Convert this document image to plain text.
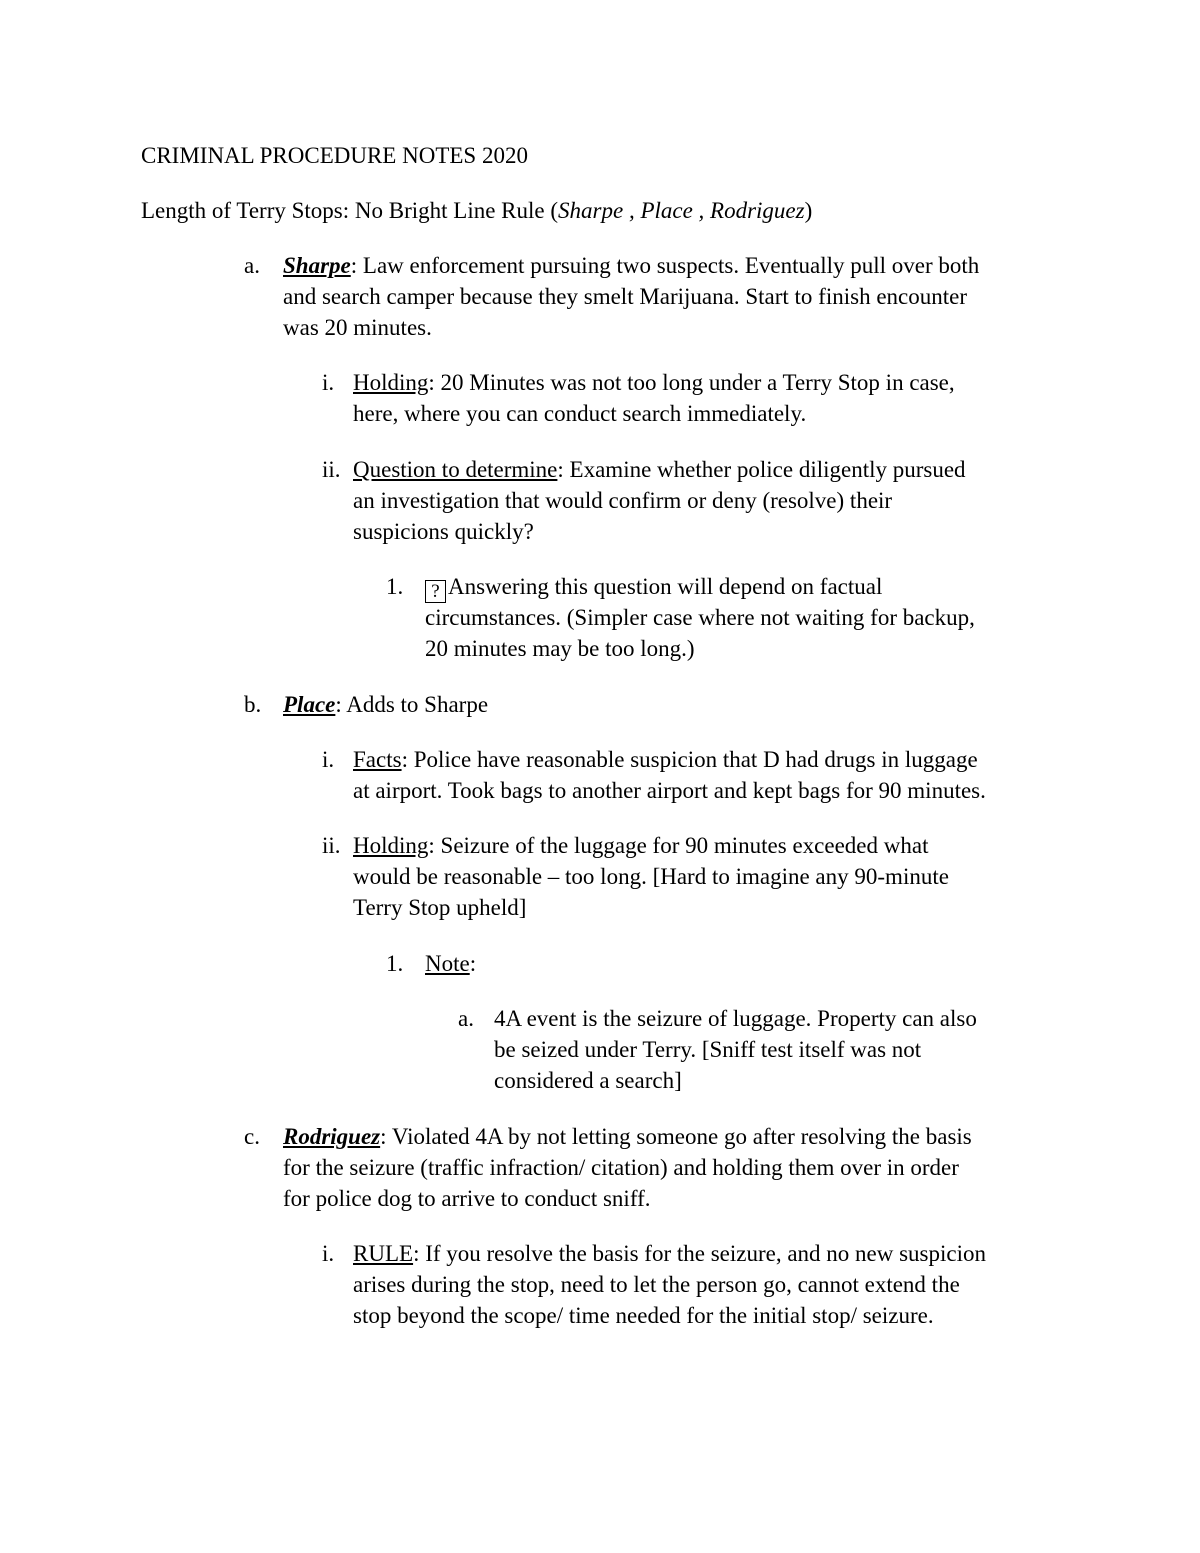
CRIMINAL PROCEDURE NOTES 2020
Length of Terry Stops: No Bright Line Rule (Sharpe , Place , Rodriguez)
a. Sharpe: Law enforcement pursuing two suspects. Eventually pull over both
and search camper because they smelt Marijuana. Start to finish encounter
was 20 minutes.
i. Holding: 20 Minutes was not too long under a Terry Stop in case,
here, where you can conduct search immediately.
ii. Question to determine: Examine whether police diligently pursued
an investigation that would confirm or deny (resolve) their
suspicions quickly?
1.	? Answering this question will depend on factual
circumstances. (Simpler case where not waiting for backup,
20 minutes may be too long.)
b. Place: Adds to Sharpe
i. Facts: Police have reasonable suspicion that D had drugs in luggage
at airport. Took bags to another airport and kept bags for 90 minutes.
ii. Holding: Seizure of the luggage for 90 minutes exceeded what
would be reasonable – too long. [Hard to imagine any 90-minute
Terry Stop upheld]
1. Note:
a. 4A event is the seizure of luggage. Property can also
be seized under Terry. [Sniff test itself was not
considered a search]
c. Rodriguez: Violated 4A by not letting someone go after resolving the basis
for the seizure (traffic infraction/ citation) and holding them over in order
for police dog to arrive to conduct sniff.
i. RULE: If you resolve the basis for the seizure, and no new suspicion
arises during the stop, need to let the person go, cannot extend the
stop beyond the scope/ time needed for the initial stop/ seizure.
